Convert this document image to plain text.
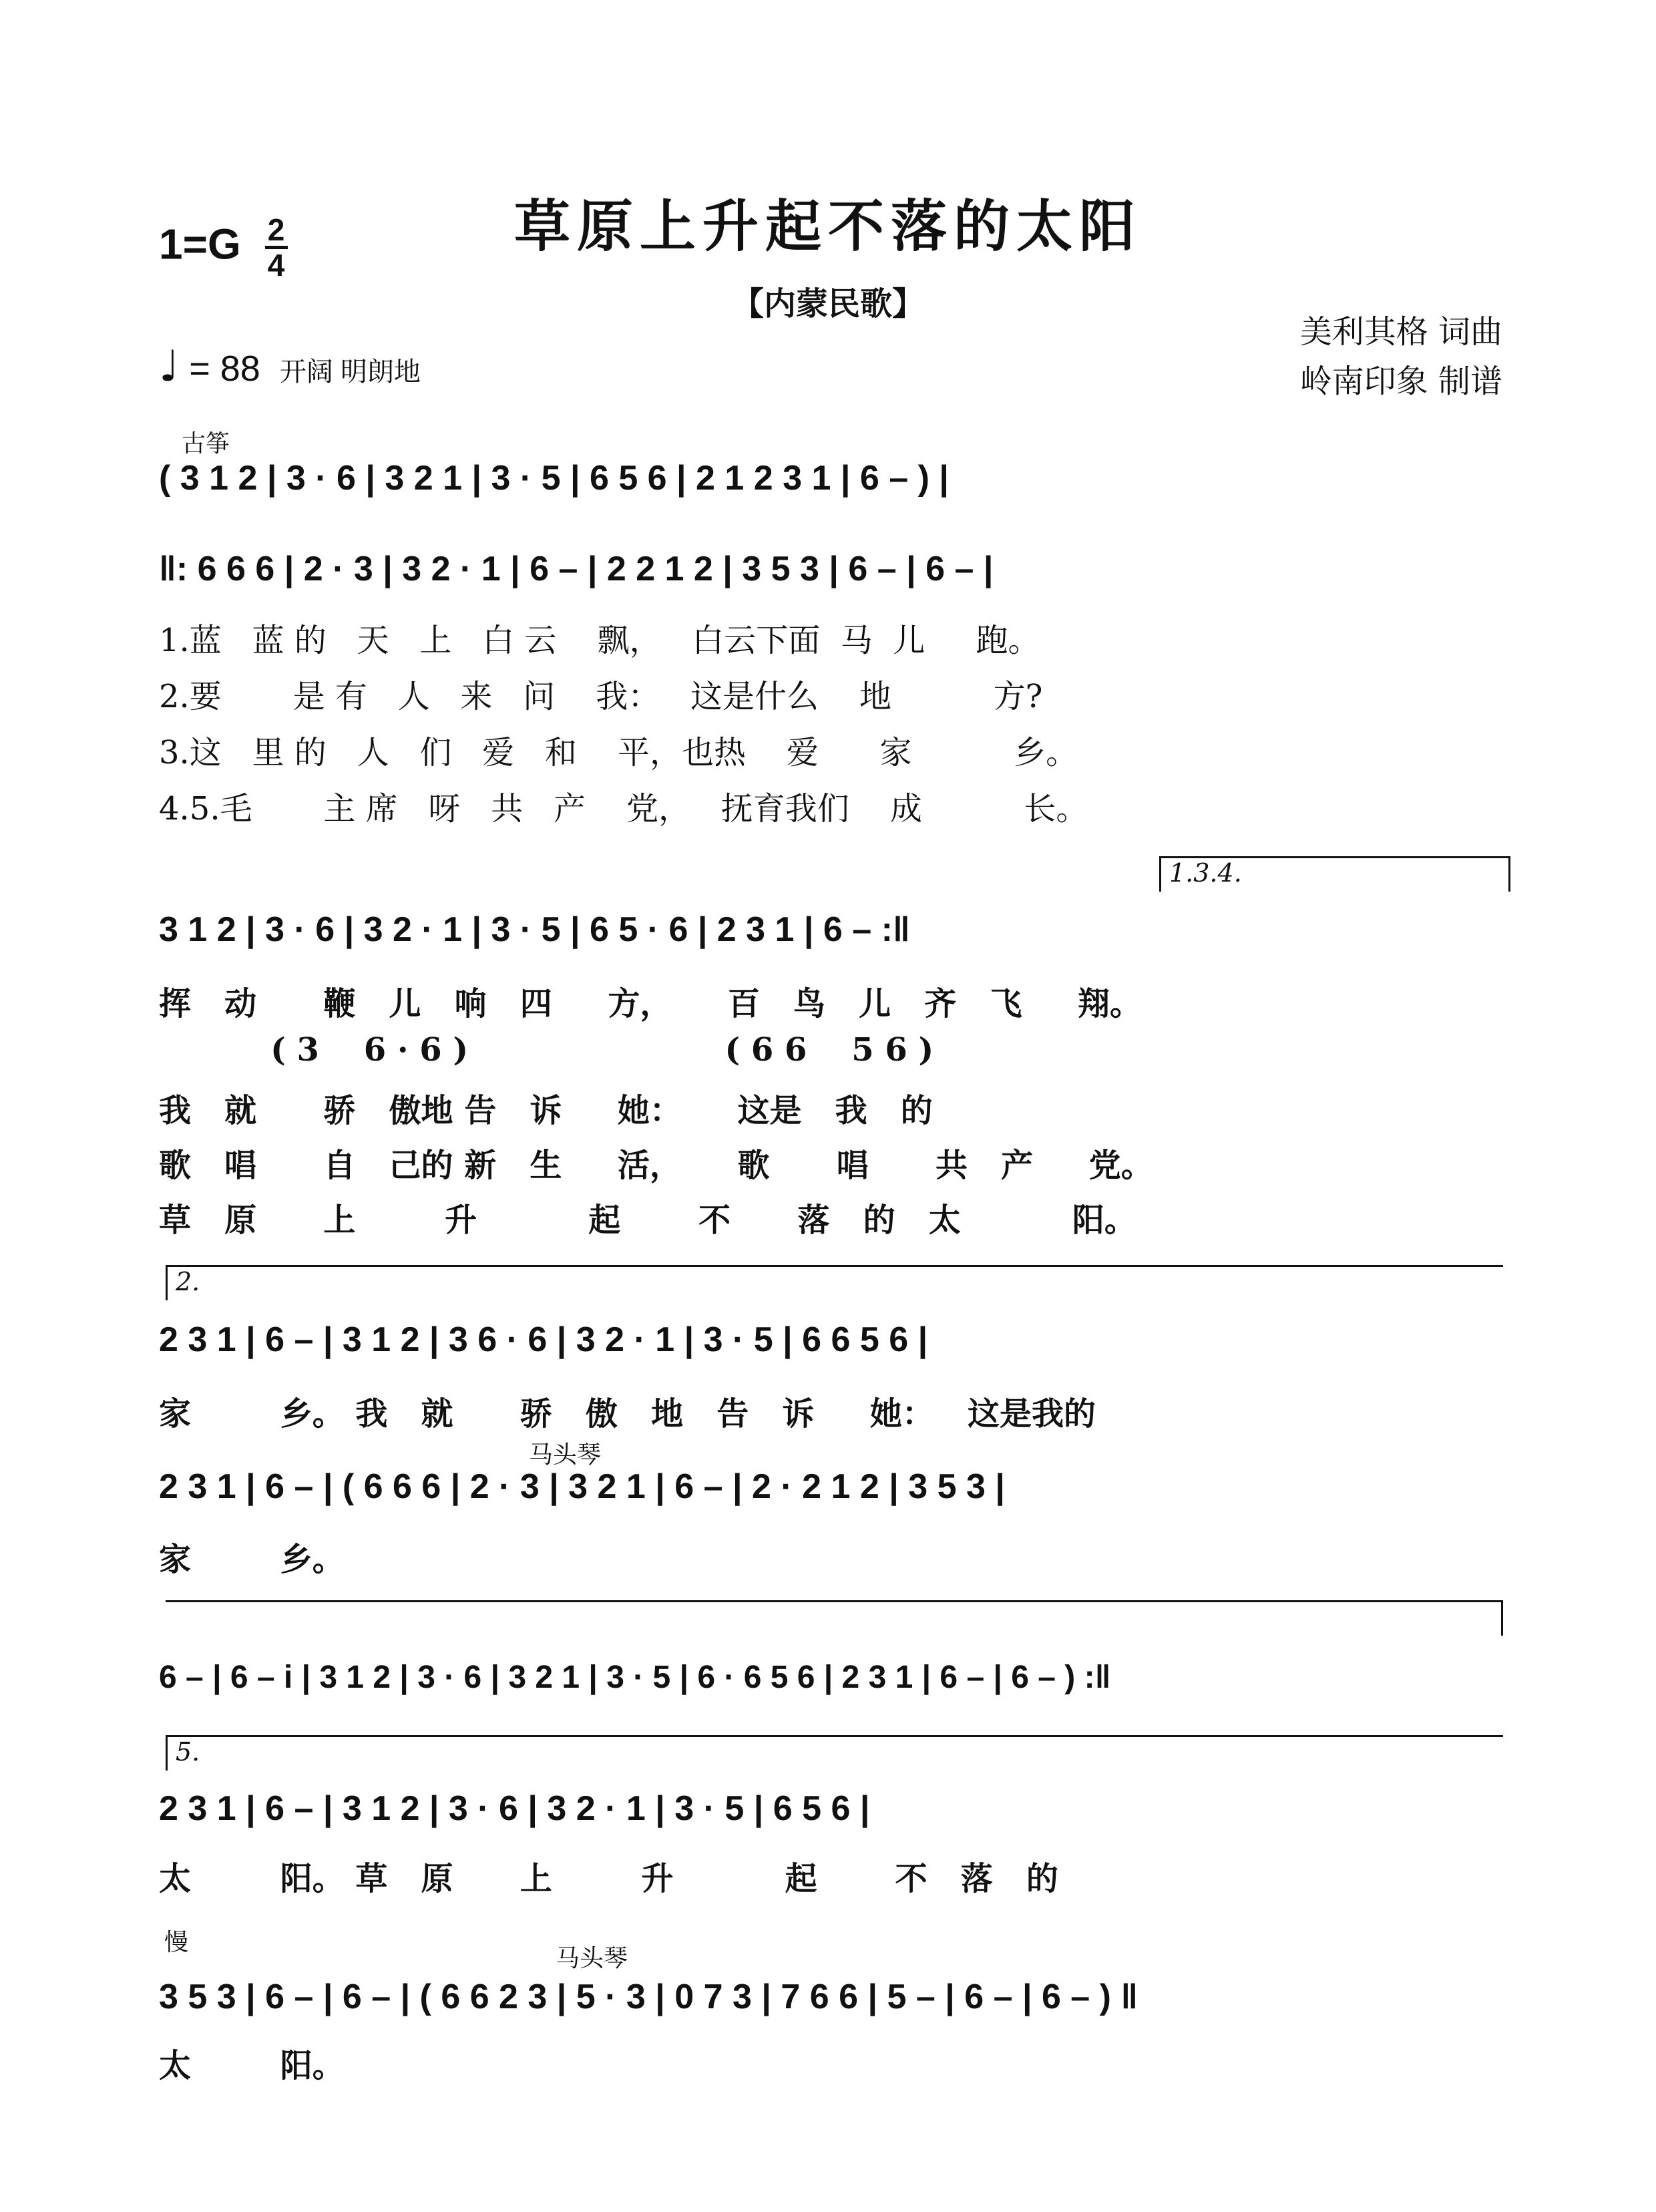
1=G 2
4
草原上升起不落的太阳
【内蒙民歌】
美利其格 词曲
岭南印象 制谱
♩ = 88 开阔 明朗地
古筝
( 3 1 2 | 3 · 6 | 3 2 1 | 3 · 5 | 6 5 6 | 2 1 2 3 1 | 6 – ) |
‖: 6 6 6 | 2 · 3 | 3 2 · 1 | 6 – | 2 2 1 2 | 3 5 3 | 6 – | 6 – |
1.蓝   蓝 的   天   上   白 云    飘，   白云下面  马  儿     跑。
2.要       是 有   人   来   问    我：   这是什么    地          方?
3.这   里 的   人   们   爱   和    平，也热    爱      家          乡。
4.5.毛       主 席   呀   共   产    党，   抚育我们    成          长。
1.3.4.
3 1 2 | 3 · 6 | 3 2 · 1 | 3 · 5 | 6 5 · 6 | 2 3 1 | 6 – :‖
挥   动      鞭   儿   响   四     方，     百   鸟   儿   齐   飞     翔。
( 3    6 · 6 )                       ( 6 6    5 6 )
我   就      骄   傲地 告   诉     她：     这是   我   的
歌   唱      自   己的 新   生     活，     歌      唱      共   产     党。
草   原      上        升          起       不      落   的   太          阳。
2.
2 3 1 | 6 – | 3 1 2 | 3 6 · 6 | 3 2 · 1 | 3 · 5 | 6 6 5 6 |
家        乡。 我   就      骄   傲   地   告   诉     她：   这是我的
马头琴
2 3 1 | 6 – | ( 6 6 6 | 2 · 3 | 3 2 1 | 6 – | 2 · 2 1 2 | 3 5 3 |
家        乡。
6 – | 6 – i | 3 1 2 | 3 · 6 | 3 2 1 | 3 · 5 | 6 · 6 5 6 | 2 3 1 | 6 – | 6 – ) :‖
5.
2 3 1 | 6 – | 3 1 2 | 3 · 6 | 3 2 · 1 | 3 · 5 | 6 5 6 |
太        阳。 草   原      上        升          起       不   落   的
慢
马头琴
3 5 3 | 6 – | 6 – | ( 6 6 2 3 | 5 · 3 | 0 7 3 | 7 6 6 | 5 – | 6 – | 6 – ) ‖
太        阳。
